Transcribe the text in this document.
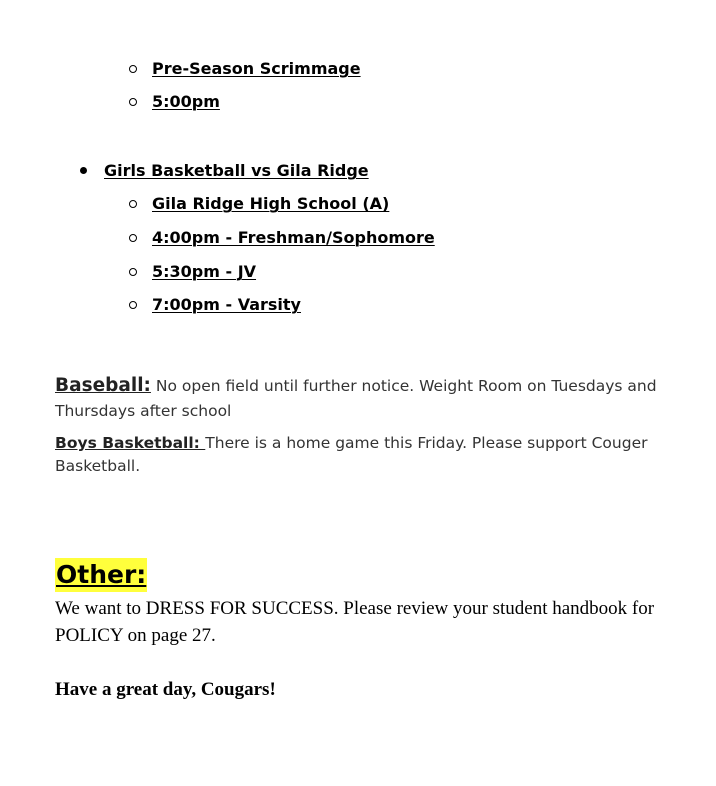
Pre-Season Scrimmage
5:00pm
Girls Basketball vs Gila Ridge
Gila Ridge High School (A)
4:00pm - Freshman/Sophomore
5:30pm - JV
7:00pm - Varsity
Baseball: No open field until further notice. Weight Room on Tuesdays and Thursdays after school
Boys Basketball: There is a home game this Friday. Please support Couger Basketball.
Other:
We want to DRESS FOR SUCCESS. Please review your student handbook for POLICY on page 27.
Have a great day, Cougars!
